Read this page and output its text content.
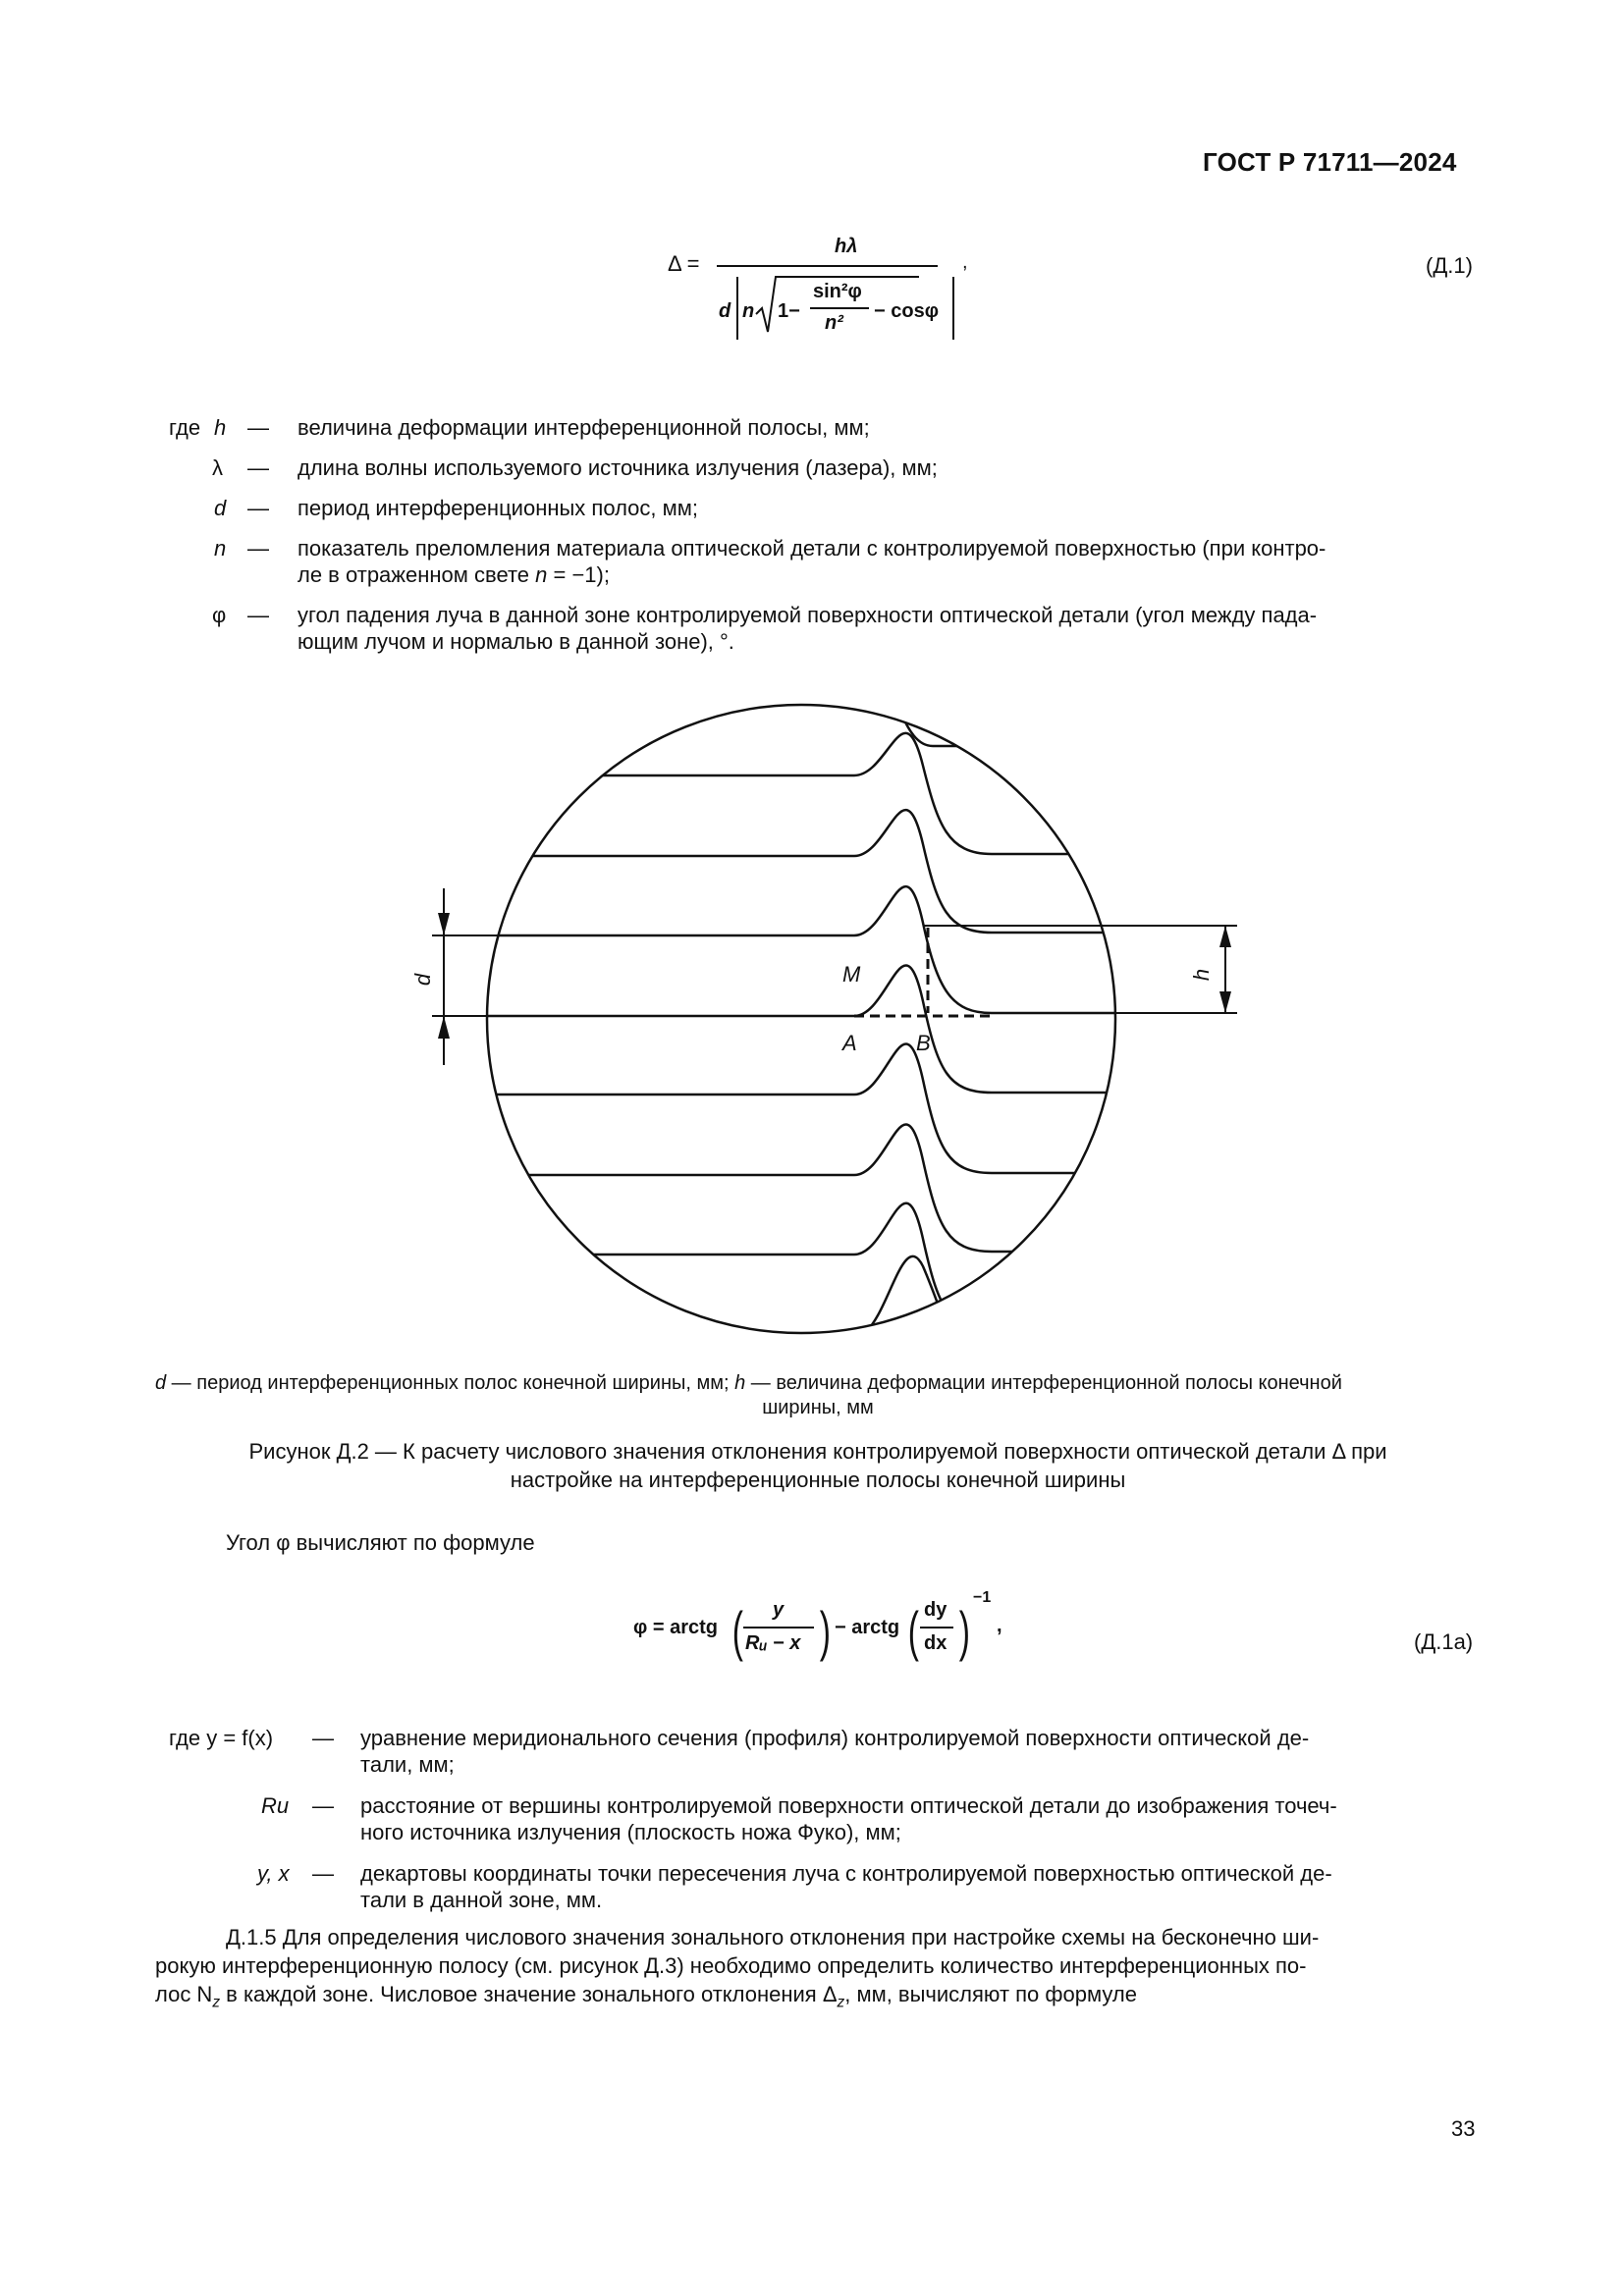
ГОСТ Р 71711—2024
Δ =
hλ
d n 1−
sin²φ
n²
− cosφ
,	(Д.1)
где h — величина деформации интерференционной полосы, мм;
λ — длина волны используемого источника излучения (лазера), мм;
d — период интерференционных полос, мм;
n — показатель преломления материала оптической детали с контролируемой поверхностью (при контро-
ле в отраженном свете n = −1);
φ — угол падения луча в данной зоне контролируемой поверхности оптической детали (угол между пада-
ющим лучом и нормалью в данной зоне), °.
d	h
M
A	B
d — период интерференционных полос конечной ширины, мм; h — величина деформации интерференционной полосы конечной
ширины, мм
Рисунок Д.2 — К расчету числового значения отклонения контролируемой поверхности оптической детали Δ при
настройке на интерференционные полосы конечной ширины
Угол φ вычисляют по формуле
φ = arctg ( y
Rᵤ − x ) − arctg ( dy
dx )
−1
,
(Д.1а)
где y = f(x) — уравнение меридионального сечения (профиля) контролируемой поверхности оптической де-
тали, мм;
Ru — расстояние от вершины контролируемой поверхности оптической детали до изображения точеч-
ного источника излучения (плоскость ножа Фуко), мм;
y, x — декартовы координаты точки пересечения луча с контролируемой поверхностью оптической де-
тали в данной зоне, мм.
Д.1.5 Для определения числового значения зонального отклонения при настройке схемы на бесконечно ши-
рокую интерференционную полосу (см. рисунок Д.3) необходимо определить количество интерференционных по-
лос $N_z$ в каждой зоне. Числовое значение зонального отклонения $\Delta_z$, мм, вычисляют по формуле
33
